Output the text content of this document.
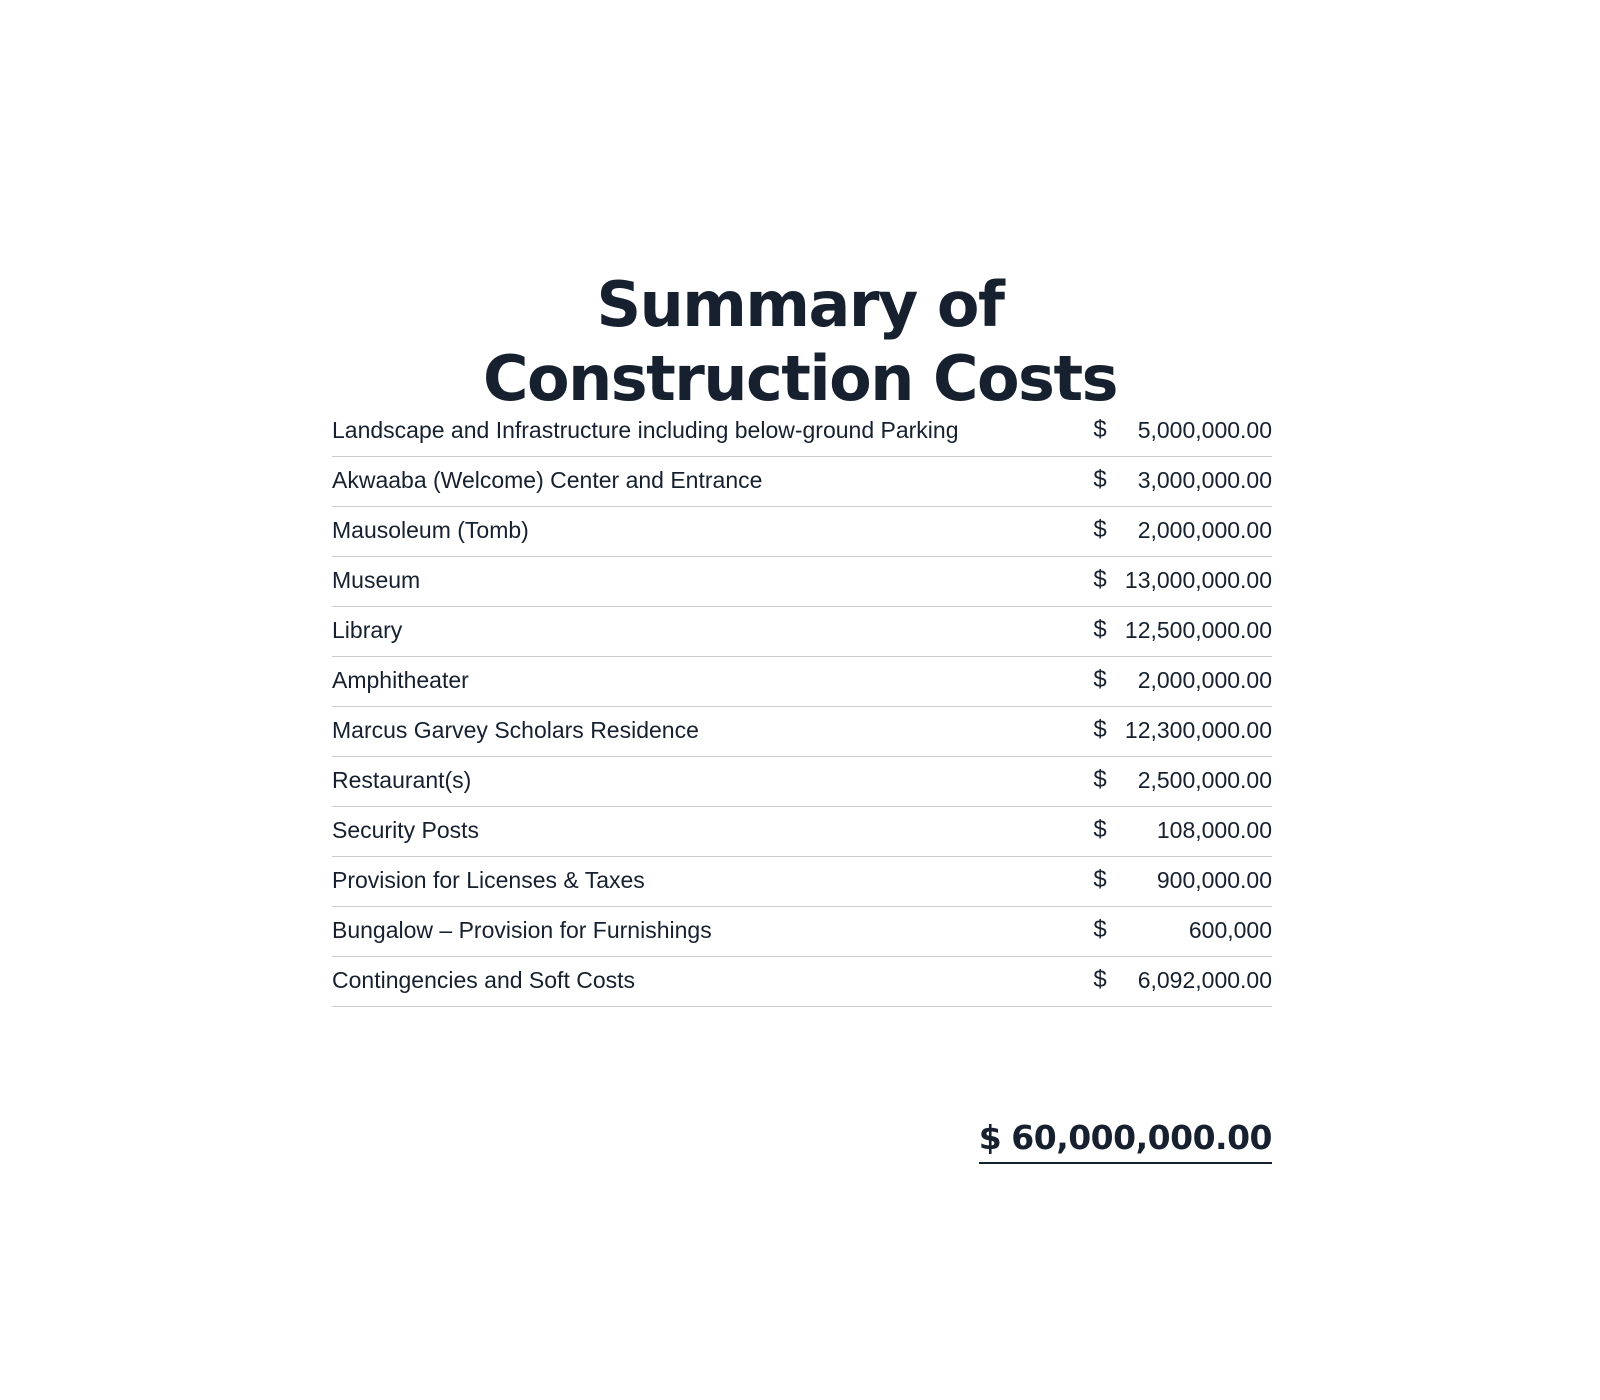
Summary of
Construction Costs
Landscape and Infrastructure including below-ground Parking	$	5,000,000.00
Akwaaba (Welcome) Center and Entrance	$	3,000,000.00
Mausoleum (Tomb)	$	2,000,000.00
Museum	$ 13,000,000.00
Library	$ 12,500,000.00
Amphitheater	$	2,000,000.00
Marcus Garvey Scholars Residence	$ 12,300,000.00
Restaurant(s)	$	2,500,000.00
Security Posts	$	108,000.00
Provision for Licenses & Taxes	$	900,000.00
Bungalow – Provision for Furnishings	$	600,000
Contingencies and Soft Costs	$	6,092,000.00
$ 60,000,000.00
